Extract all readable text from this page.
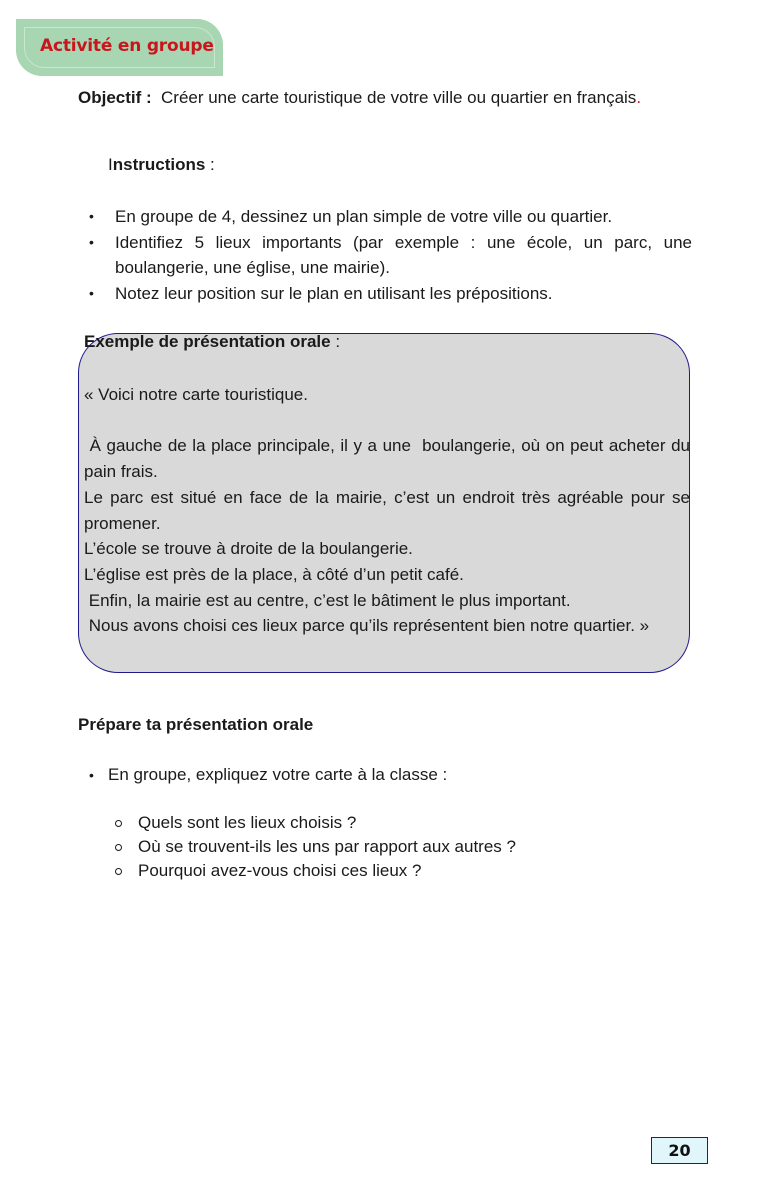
Activité en groupe
Objectif : Créer une carte touristique de votre ville ou quartier en français.
Instructions :
• En groupe de 4, dessinez un plan simple de votre ville ou quartier.
• Identifiez 5 lieux importants (par exemple : une école, un parc, une boulangerie, une église, une mairie).
• Notez leur position sur le plan en utilisant les prépositions.
Exemple de présentation orale :

« Voici notre carte touristique.

À gauche de la place principale, il y a une  boulangerie, où on peut acheter du pain frais.

Le parc est situé en face de la mairie, c’est un endroit très agréable pour se promener.

L’école se trouve à droite de la boulangerie.

L’église est près de la place, à côté d’un petit café.

Enfin, la mairie est au centre, c’est le bâtiment le plus important.

Nous avons choisi ces lieux parce qu’ils représentent bien notre quartier. »

Prépare ta présentation orale
• En groupe, expliquez votre carte à la classe :
Quels sont les lieux choisis ?
Où se trouvent-ils les uns par rapport aux autres ?
Pourquoi avez-vous choisi ces lieux ?
20
